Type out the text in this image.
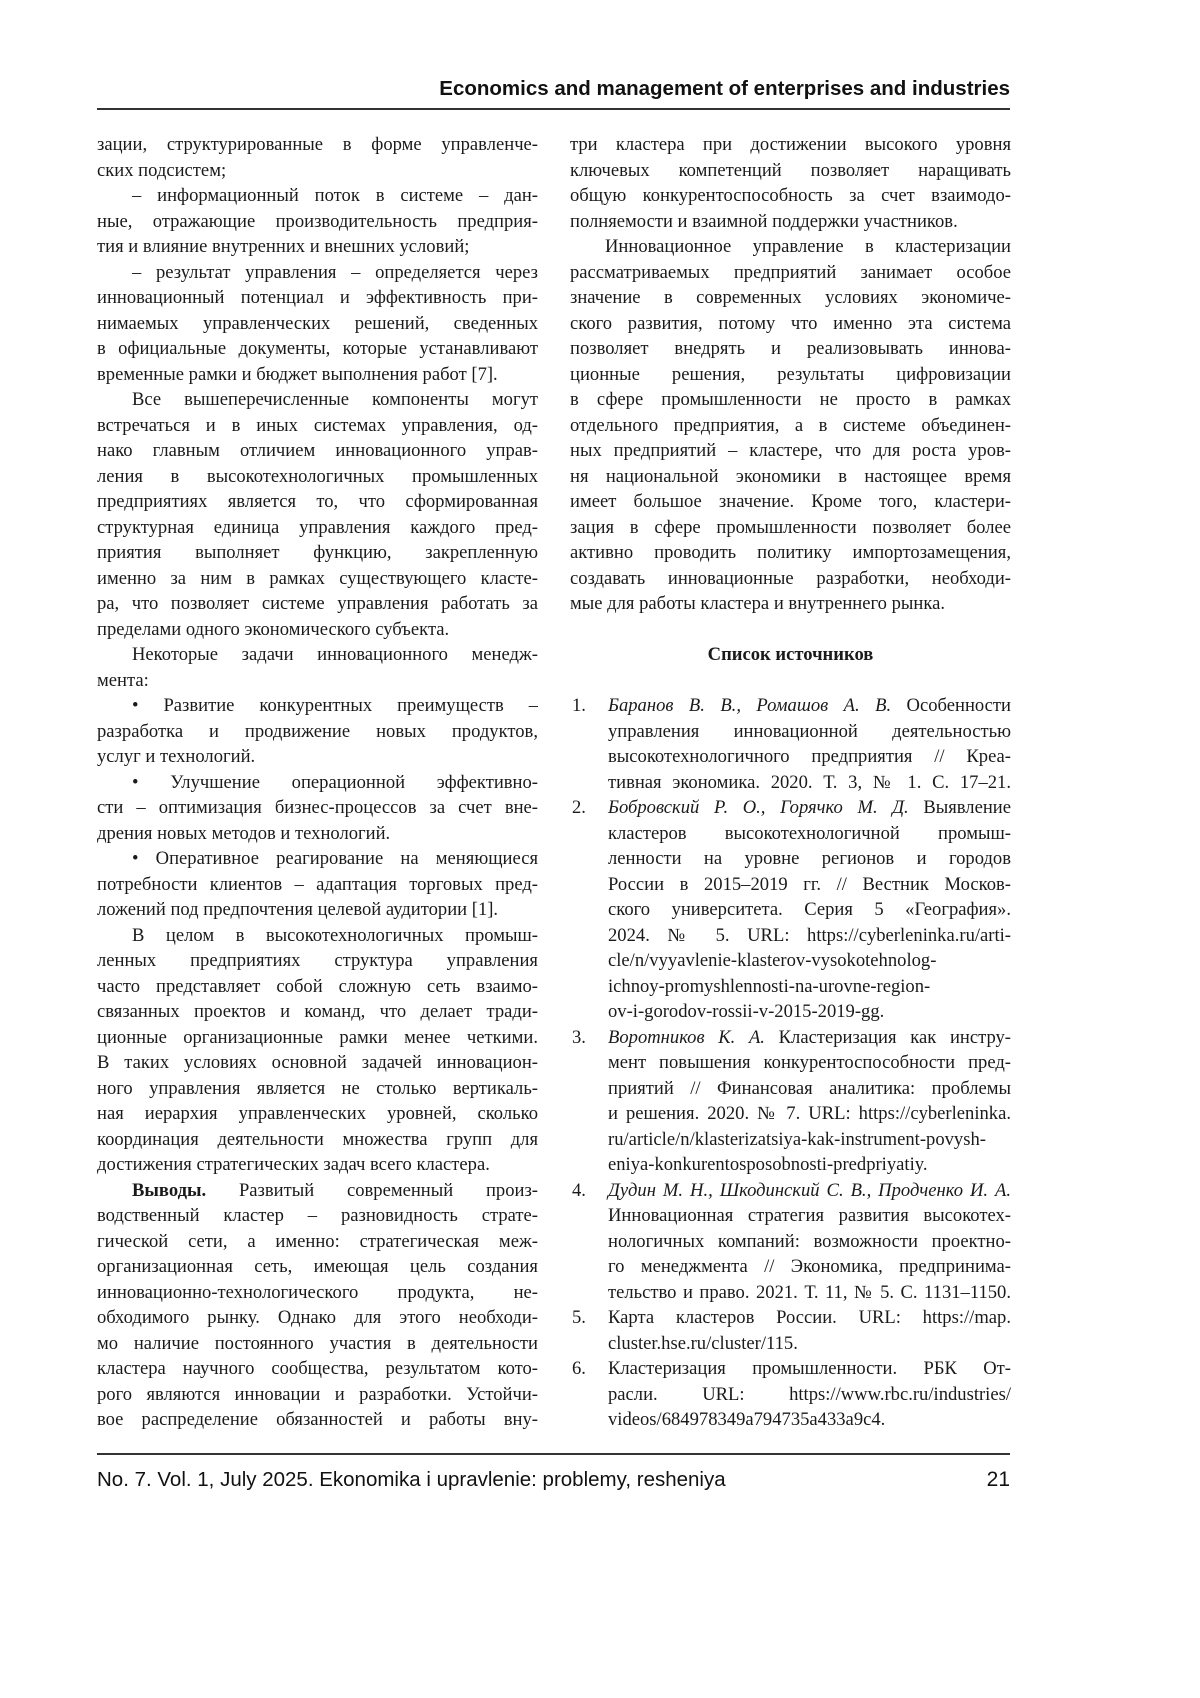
Economics and management of enterprises and industries
зации, структурированные в форме управленче-
ских подсистем;
– информационный поток в системе – дан-
ные, отражающие производительность предприя-
тия и влияние внутренних и внешних условий;
– результат управления – определяется через
инновационный потенциал и эффективность при-
нимаемых управленческих решений, сведенных
в официальные документы, которые устанавливают
временные рамки и бюджет выполнения работ [7].
Все вышеперечисленные компоненты могут
встречаться и в иных системах управления, од-
нако главным отличием инновационного управ-
ления в высокотехнологичных промышленных
предприятиях является то, что сформированная
структурная единица управления каждого пред-
приятия выполняет функцию, закрепленную
именно за ним в рамках существующего класте-
ра, что позволяет системе управления работать за
пределами одного экономического субъекта.
Некоторые задачи инновационного менедж-
мента:
• Развитие конкурентных преимуществ –
разработка и продвижение новых продуктов,
услуг и технологий.
• Улучшение операционной эффективно-
сти – оптимизация бизнес-процессов за счет вне-
дрения новых методов и технологий.
• Оперативное реагирование на меняющиеся
потребности клиентов – адаптация торговых пред-
ложений под предпочтения целевой аудитории [1].
В целом в высокотехнологичных промыш-
ленных предприятиях структура управления
часто представляет собой сложную сеть взаимо-
связанных проектов и команд, что делает тради-
ционные организационные рамки менее четкими.
В таких условиях основной задачей инновацион-
ного управления является не столько вертикаль-
ная иерархия управленческих уровней, сколько
координация деятельности множества групп для
достижения стратегических задач всего кластера.
Выводы. Развитый современный произ-
водственный кластер – разновидность страте-
гической сети, а именно: стратегическая меж-
организационная сеть, имеющая цель создания
инновационно-технологического продукта, не-
обходимого рынку. Однако для этого необходи-
мо наличие постоянного участия в деятельности
кластера научного сообщества, результатом кото-
рого являются инновации и разработки. Устойчи-
вое распределение обязанностей и работы вну-
три кластера при достижении высокого уровня
ключевых компетенций позволяет наращивать
общую конкурентоспособность за счет взаимодо-
полняемости и взаимной поддержки участников.
Инновационное управление в кластеризации
рассматриваемых предприятий занимает особое
значение в современных условиях экономиче-
ского развития, потому что именно эта система
позволяет внедрять и реализовывать иннова-
ционные решения, результаты цифровизации
в сфере промышленности не просто в рамках
отдельного предприятия, а в системе объединен-
ных предприятий – кластере, что для роста уров-
ня национальной экономики в настоящее время
имеет большое значение. Кроме того, кластери-
зация в сфере промышленности позволяет более
активно проводить политику импортозамещения,
создавать инновационные разработки, необходи-
мые для работы кластера и внутреннего рынка.
Список источников
1. Баранов В. В., Ромашов А. В. Особенности
управления инновационной деятельностью
высокотехнологичного предприятия // Креа-
тивная экономика. 2020. Т. 3, № 1. С. 17–21.
2. Бобровский Р. О., Горячко М. Д. Выявление
кластеров высокотехнологичной промыш-
ленности на уровне регионов и городов
России в 2015–2019 гг. // Вестник Москов-
ского университета. Серия 5 «География».
2024. № 5. URL: https://cyberleninka.ru/arti-
cle/n/vyyavlenie-klasterov-vysokotehnolog-
ichnoy-promyshlennosti-na-urovne-region-
ov-i-gorodov-rossii-v-2015-2019-gg.
3. Воротников К. А. Кластеризация как инстру-
мент повышения конкурентоспособности пред-
приятий // Финансовая аналитика: проблемы
и решения. 2020. № 7. URL: https://cyberleninka.
ru/article/n/klasterizatsiya-kak-instrument-povysh-
eniya-konkurentosposobnosti-predpriyatiy.
4. Дудин М. Н., Шкодинский С. В., Продченко И. А.
Инновационная стратегия развития высокотех-
нологичных компаний: возможности проектно-
го менеджмента // Экономика, предпринима-
тельство и право. 2021. Т. 11, № 5. С. 1131–1150.
5. Карта кластеров России. URL: https://map.
cluster.hse.ru/cluster/115.
6. Кластеризация промышленности. РБК От-
расли. URL: https://www.rbc.ru/industries/
videos/684978349a794735a433a9c4.
No. 7. Vol. 1, July 2025. Ekonomika i upravlenie: problemy, resheniya	21
